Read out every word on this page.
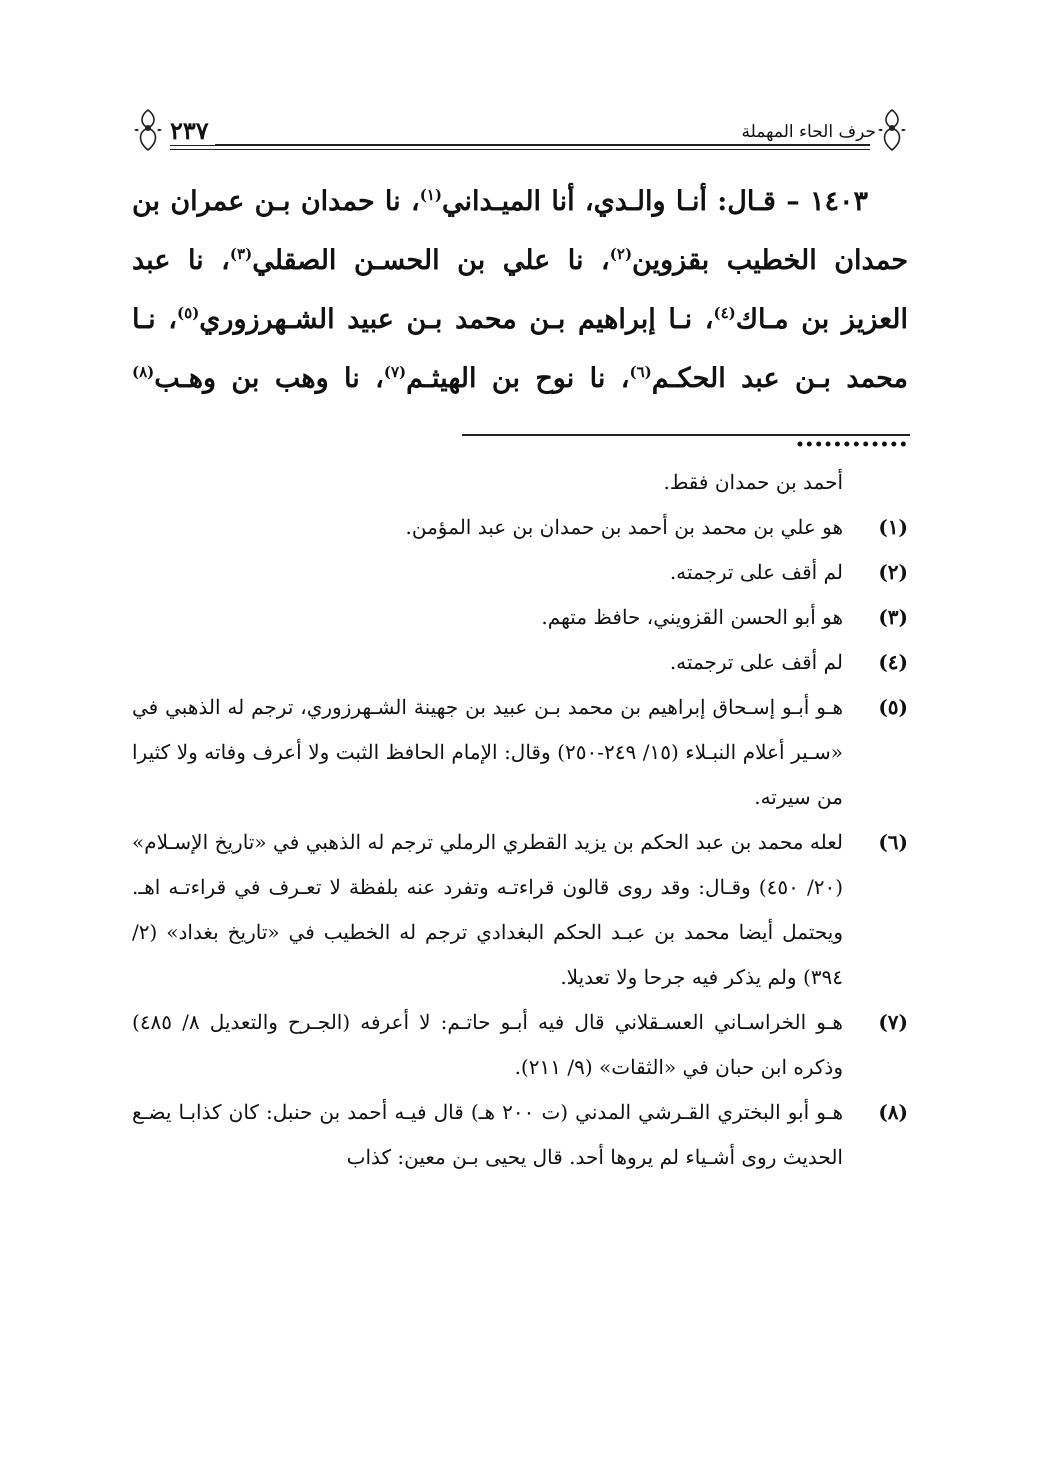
حرف الحاء المهملة
٢٣٧

١٤٠٣ – قـال: أنـا والـدي، أنا الميـداني$^{(١)}$، نا حمدان بـن عمران بن حمدان الخطيب بقزوين$^{(٢)}$، نا علي بن الحسـن الصقلي$^{(٣)}$، نا عبد العزيز بن مـاك$^{(٤)}$، نـا إبراهيم بـن محمد بـن عبيد الشـهرزوري$^{(٥)}$، نـا محمد بـن عبد الحكـم$^{(٦)}$، نا نوح بن الهيثـم$^{(٧)}$، نا وهب بن وهـب$^{(٨)}$ ............

أحمد بن حمدان فقط.

(١)
هو علي بن محمد بن أحمد بن حمدان بن عبد المؤمن.
(٢)
لم أقف على ترجمته.
(٣)
هو أبو الحسن القزويني، حافظ متهم.
(٤)
لم أقف على ترجمته.
(٥)
هـو أبـو إسـحاق إبراهيم بن محمد بـن عبيد بن جهينة الشـهرزوري، ترجم له الذهبي في «سـير أعلام النبـلاء (١٥/ ٢٤٩-٢٥٠) وقال: الإمام الحافظ الثبت ولا أعرف وفاته ولا كثيرا من سيرته.
(٦)
لعله محمد بن عبد الحكم بن يزيد القطري الرملي ترجم له الذهبي في «تاريخ الإسـلام» (٢٠/ ٤٥٠) وقـال: وقد روى قالون قراءتـه وتفرد عنه بلفظة لا تعـرف في قراءتـه اهـ. ويحتمل أيضا محمد بن عبـد الحكم البغدادي ترجم له الخطيب في «تاريخ بغداد» (٢/ ٣٩٤) ولم يذكر فيه جرحا ولا تعديلا.
(٧)
هـو الخراسـاني العسـقلاني قال فيه أبـو حاتـم: لا أعرفه (الجـرح والتعديل ٨/ ٤٨٥) وذكره ابن حبان في «الثقات» (٩/ ٢١١).
(٨)
هـو أبو البختري القـرشي المدني (ت ٢٠٠ هـ) قال فيـه أحمد بن حنبل: كان كذابـا يضـع الحديث روى أشـياء لم يروها أحد. قال يحيى بـن معين: كذاب
